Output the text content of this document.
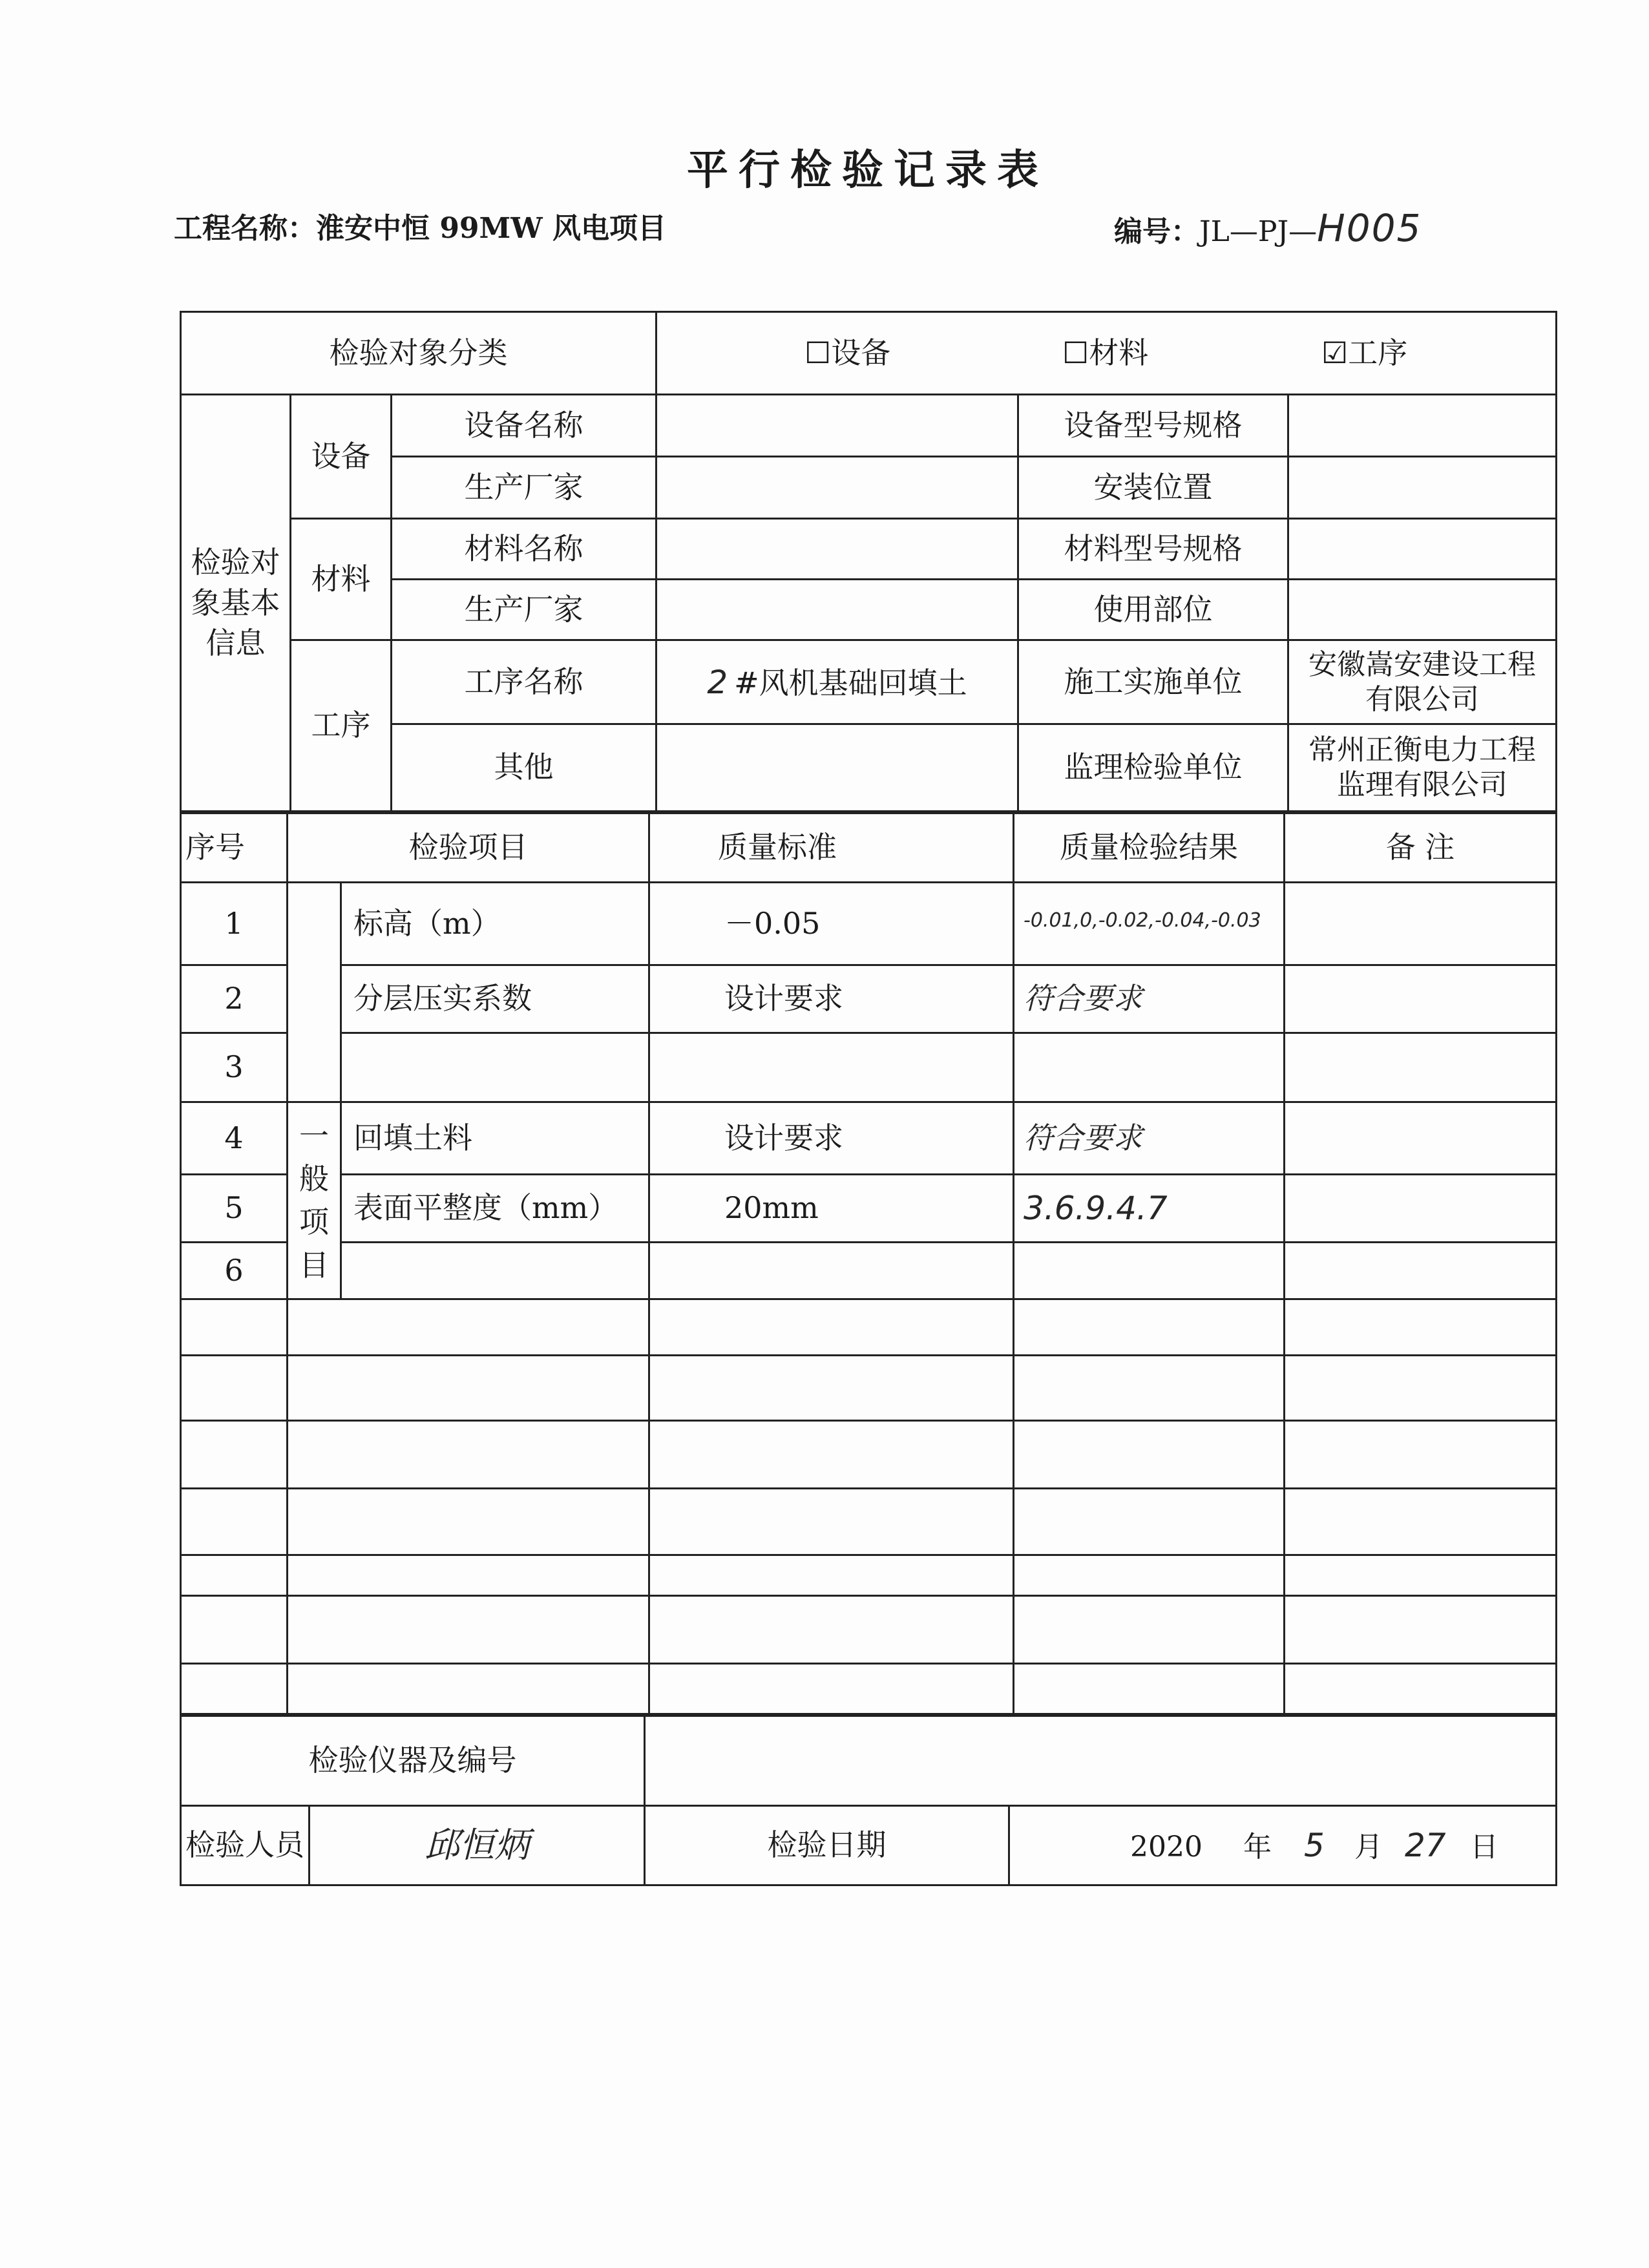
平行检验记录表
工程名称：淮安中恒 99MW 风电项目	编号：JL—PJ—H005
检验对象分类			☐设备 ☐材料 ☑工序		
检验对象基本信息	设备	设备名称		设备型号规格	
		生产厂家		安装位置	
	材料	材料名称		材料型号规格	
		生产厂家		使用部位	
	工序	工序名称	2 #风机基础回填土	施工实施单位	安徽嵩安建设工程有限公司
		其他		监理检验单位	常州正衡电力工程监理有限公司
序号	检验项目		质量标准	质量检验结果	备 注
1		标高（m）	－0.05	-0.01,0,-0.02,-0.04,-0.03	
2		分层压实系数	设计要求	符合要求	
3					
4	一般项目	回填土料	设计要求	符合要求	
5		表面平整度（mm）	20mm	3.6.9.4.7	
6					

检验仪器及编号			
检验人员	邱恒炳	检验日期	2020 年 5 月 27 日
